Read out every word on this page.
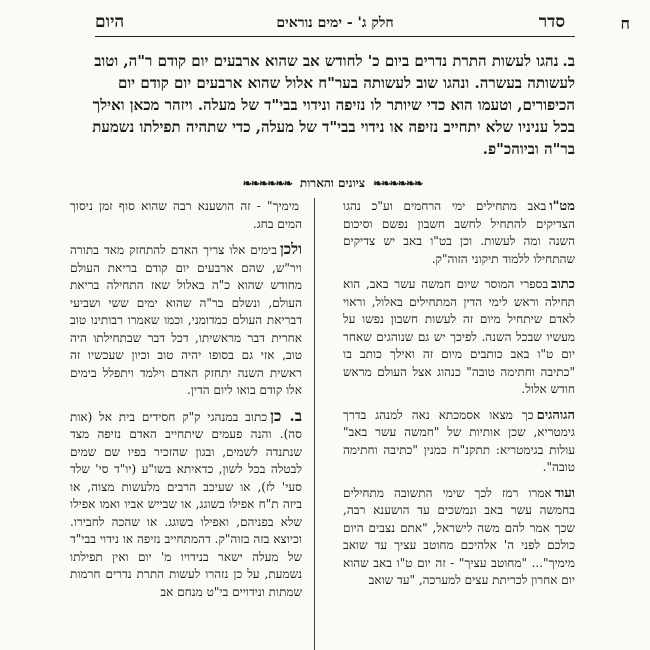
ח
סדר
חלק ג' - ימים נוראים
היום
ב.נהגו לעשות התרת נדרים ביום כ' לחודש אב שהוא ארבעים יום קודם ר"ה, וטוב לעשותה בעשרה. ונהגו שוב לעשותה בער"ח אלול שהוא ארבעים יום קודם יום הכיפורים, וטעמו הוא כדי שיותר לו נזיפה ונידוי בבי"ד של מעלה. ויזהר מכאן ואילך בכל עניניו שלא יתחייב נזיפה או נידוי בבי"ד של מעלה, כדי שתהיה תפילתו נשמעת בר"ה וביוהכ"פ.
❧❧❧❧❧❧
ציונים והארות
❧❧❧❧❧❧

מט"ובאב מתחילים ימי הרחמים וע"כ נהגו הצדיקים להתחיל לחשב חשבון נפשם וסיכום השנה ומה לעשות. וכן בט"ו באב יש צדיקים שהתחילו ללמוד תיקוני הזוה"ק.

כתובבספרי המוסר שיום חמשה עשר באב, הוא תחילה וראש לימי הדין המתחילים באלול, וראוי לאדם שיתחיל מיום זה לעשות חשבון נפשו על מעשיו שבכל השנה. לפיכך יש גם שנוהגים שאחר יום ט"ו באב כותבים מיום זה ואילך כותב בו "כתיבה וחתימה טובה" כנהוג אצל העולם מראש חודש אלול.

הגוהגיםכך מצאו אסמכתא נאה למנהג בדרך גימטריא, שכן אותיות של "חמשה עשר באב" עולות בגימטריא: תתקנ"ח כמנין "כתיבה וחתימה טובה".

ועודאמרו רמז לכך שימי התשובה מתחילים בחמשה עשר באב ונמשכים עד הושענא רבה, שכך אמר להם משה לישראל, "אתם נצבים היום כולכם לפני ה' אלהיכם מחוטב עציך עד שואב מימיך"... "מחוטב עציך" - זה יום ט"ו באב שהוא יום אחרון לכריתת עצים למערכה, "עד שואב

מימיך" - זה הושענא רבה שהוא סוף זמן ניסוך המים בחג.

ולכןבימים אלו צריך האדם להתחזק מאד בתורה ויר"ש, שהם ארבעים יום קודם בריאת העולם מחודש שהוא כ"ה באלול שאז התחילה בריאת העולם, ונשלם בר"ה שהוא ימים ששי ושביעי דבריאת העולם כמדומני, וכמו שאמרו רבותינו טוב אחרית דבר מראשיתו, דכל דבר שבתחילתו היה טוב, אזי גם בסופו יהיה טוב וכיון שעכשיו זה ראשית השנה יתחזק האדם וילמד ויתפלל בימים אלו קודם בואו ליום הדין.

ב. כןכתוב במנהגי ק"ק חסידים בית אל (אות סה). והנה פעמים שיתחייב האדם נזיפה מצד שנתנדה לשמים, ובגון שהזכיר בפיו שם שמים לבטלה בכל לשון, כדאיתא בשו"ע (יו"ד סי' שלד סעי' לז), או שעיכב הרבים מלעשות מצוה, או ביזה ת"ח אפילו בשוגג, או שבייש אביו ואמו אפילו שלא בפניהם, ואפילו בשוגג. או שהכה לחבירו. וכיוצא בזה בזוה"ק. דהמתחייב נזיפה או נידוי בבי"ד של מעלה ישאר בנידויו מ' יום ואין תפילתו נשמעת, על כן נזהרו לעשות התרת נדרים חרמות שמתות ונידויים בי"ט מנחם אב
